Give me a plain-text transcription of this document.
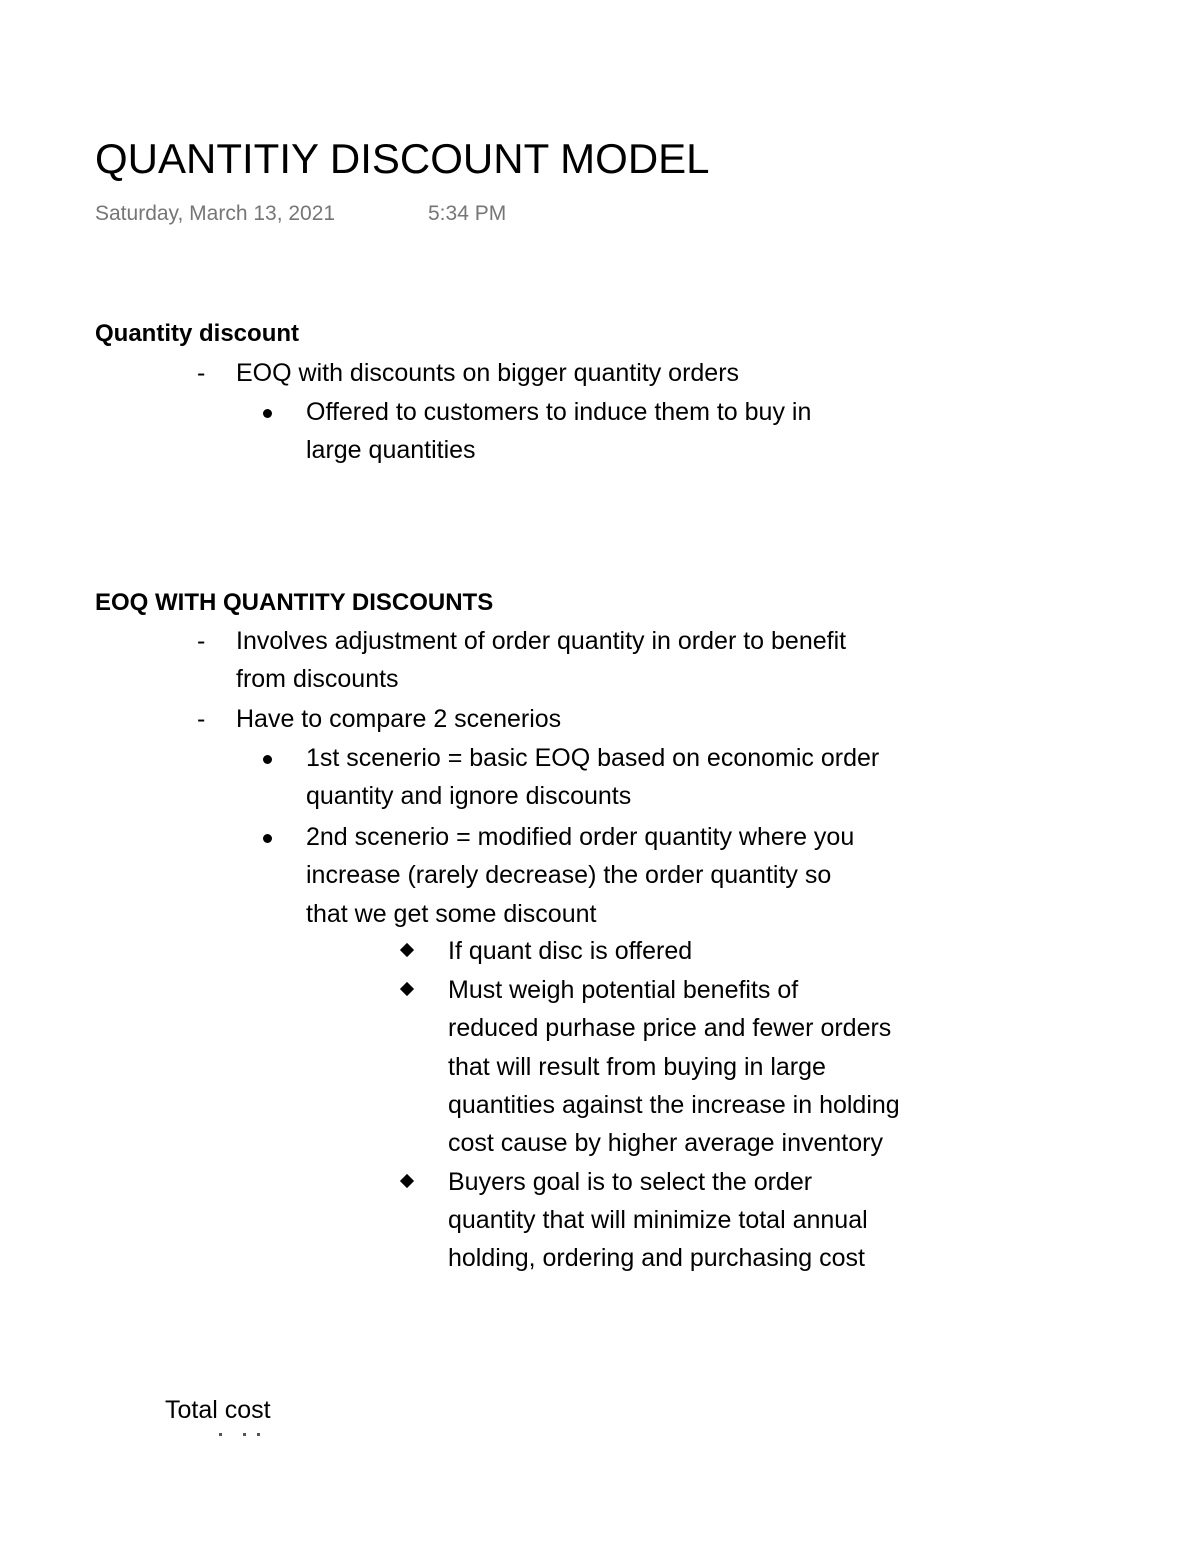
QUANTITIY DISCOUNT MODEL
Saturday, March 13, 2021	5:34 PM
Quantity discount
- EOQ with discounts on bigger quantity orders
Offered to customers to induce them to buy in
large quantities
EOQ WITH QUANTITY DISCOUNTS
- Involves adjustment of order quantity in order to benefit
from discounts
- Have to compare 2 scenerios
1st scenerio = basic EOQ based on economic order
quantity and ignore discounts
2nd scenerio = modified order quantity where you
increase (rarely decrease) the order quantity so
that we get some discount
If quant disc is offered
Must weigh potential benefits of
reduced purhase price and fewer orders
that will result from buying in large
quantities against the increase in holding
cost cause by higher average inventory
Buyers goal is to select the order
quantity that will minimize total annual
holding, ordering and purchasing cost
Total cost
